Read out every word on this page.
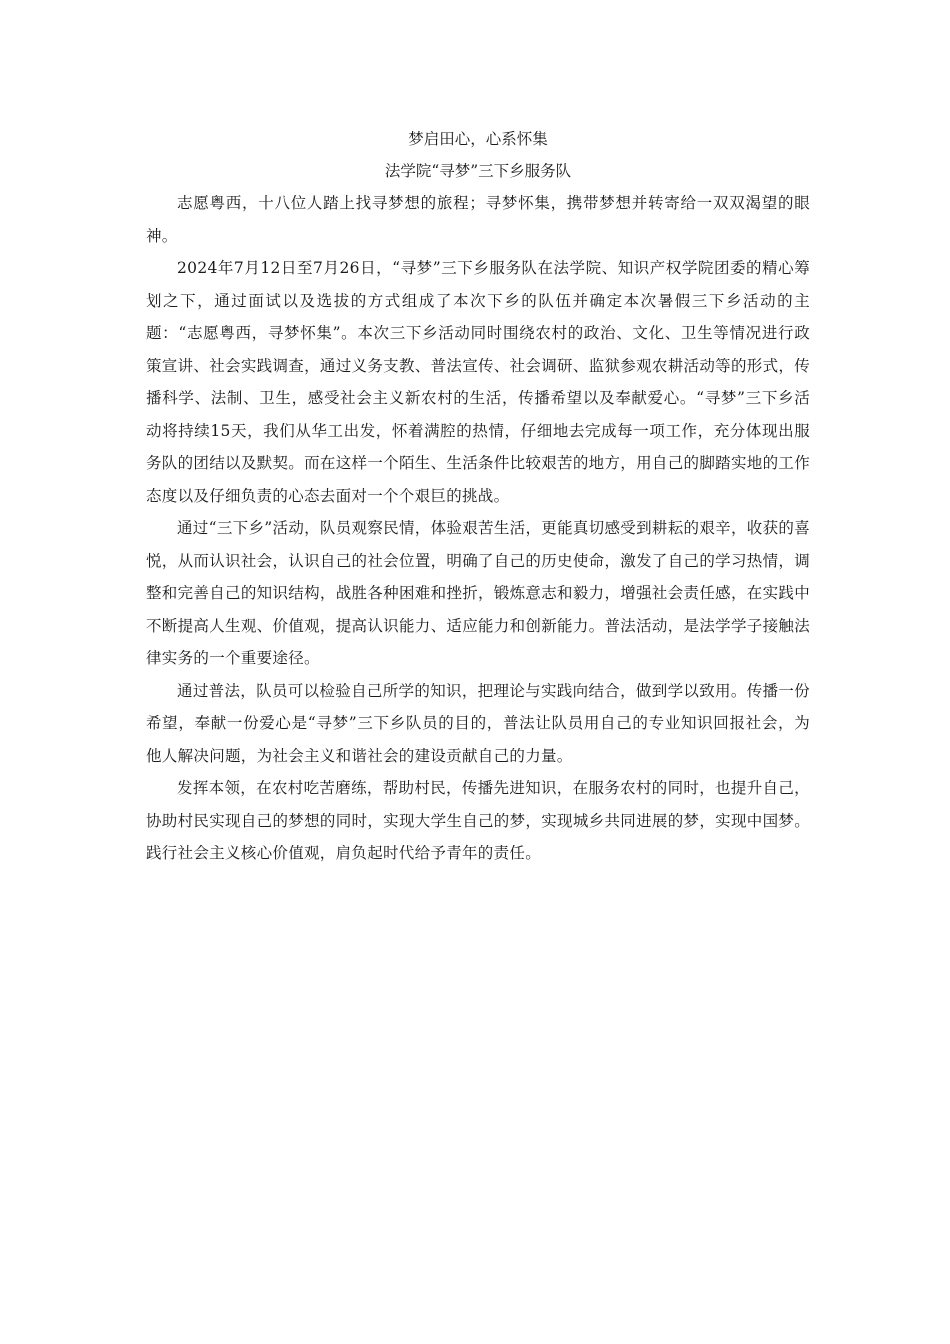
梦启田心，心系怀集

法学院“寻梦”三下乡服务队

志愿粤西，十八位人踏上找寻梦想的旅程；寻梦怀集，携带梦想并转寄给一双双渴望的眼神。

2024年7月12日至7月26日，“寻梦”三下乡服务队在法学院、知识产权学院团委的精心筹划之下，通过面试以及选拔的方式组成了本次下乡的队伍并确定本次暑假三下乡活动的主题：“志愿粤西，寻梦怀集”。本次三下乡活动同时围绕农村的政治、文化、卫生等情况进行政策宣讲、社会实践调查，通过义务支教、普法宣传、社会调研、监狱参观农耕活动等的形式，传播科学、法制、卫生，感受社会主义新农村的生活，传播希望以及奉献爱心。“寻梦”三下乡活动将持续15天，我们从华工出发，怀着满腔的热情，仔细地去完成每一项工作，充分体现出服务队的团结以及默契。而在这样一个陌生、生活条件比较艰苦的地方，用自己的脚踏实地的工作态度以及仔细负责的心态去面对一个个艰巨的挑战。

通过“三下乡”活动，队员观察民情，体验艰苦生活，更能真切感受到耕耘的艰辛，收获的喜悦，从而认识社会，认识自己的社会位置，明确了自己的历史使命，激发了自己的学习热情，调整和完善自己的知识结构，战胜各种困难和挫折，锻炼意志和毅力，增强社会责任感，在实践中不断提高人生观、价值观，提高认识能力、适应能力和创新能力。普法活动，是法学学子接触法律实务的一个重要途径。

通过普法，队员可以检验自己所学的知识，把理论与实践向结合，做到学以致用。传播一份希望，奉献一份爱心是“寻梦”三下乡队员的目的，普法让队员用自己的专业知识回报社会，为他人解决问题，为社会主义和谐社会的建设贡献自己的力量。

发挥本领，在农村吃苦磨练，帮助村民，传播先进知识，在服务农村的同时，也提升自己，协助村民实现自己的梦想的同时，实现大学生自己的梦，实现城乡共同进展的梦，实现中国梦。践行社会主义核心价值观，肩负起时代给予青年的责任。
